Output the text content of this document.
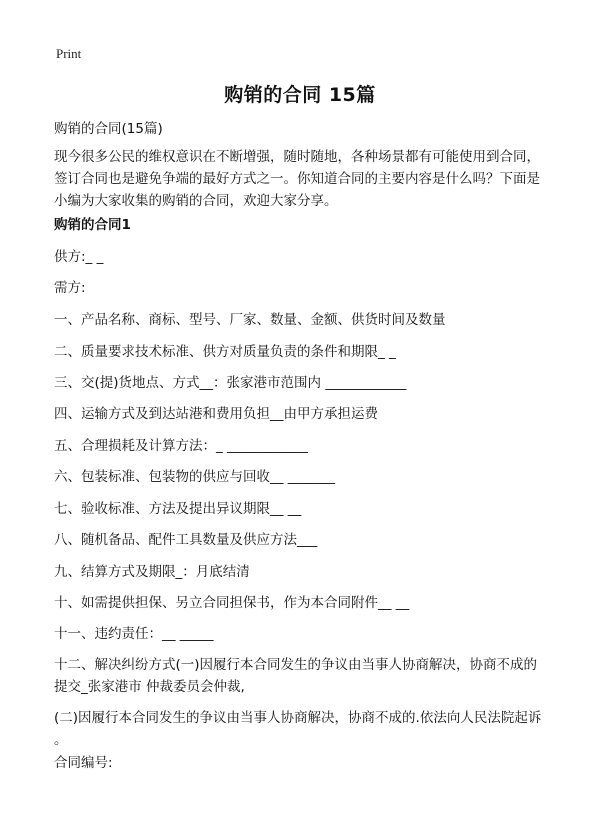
Print
购销的合同 15篇
购销的合同(15篇)
现今很多公民的维权意识在不断增强，随时随地，各种场景都有可能使用到合同，
签订合同也是避免争端的最好方式之一。你知道合同的主要内容是什么吗？下面是
小编为大家收集的购销的合同，欢迎大家分享。
购销的合同1
供方:_ _
需方:
一、产品名称、商标、型号、厂家、数量、金额、供货时间及数量
二、质量要求技术标准、供方对质量负责的条件和期限_ _
三、交(提)货地点、方式__：张家港市范围内 ____________
四、运输方式及到达站港和费用负担__由甲方承担运费
五、合理损耗及计算方法：_ ____________
六、包装标准、包装物的供应与回收__ _______
七、验收标准、方法及提出异议期限__ __
八、随机备品、配件工具数量及供应方法___
九、结算方式及期限_：月底结清
十、如需提供担保、另立合同担保书，作为本合同附件__ __
十一、违约责任：__ _____
十二、解决纠纷方式(一)因履行本合同发生的争议由当事人协商解决，协商不成的
提交_张家港市 仲裁委员会仲裁,
(二)因履行本合同发生的争议由当事人协商解决，协商不成的.依法向人民法院起诉
。
合同编号:
